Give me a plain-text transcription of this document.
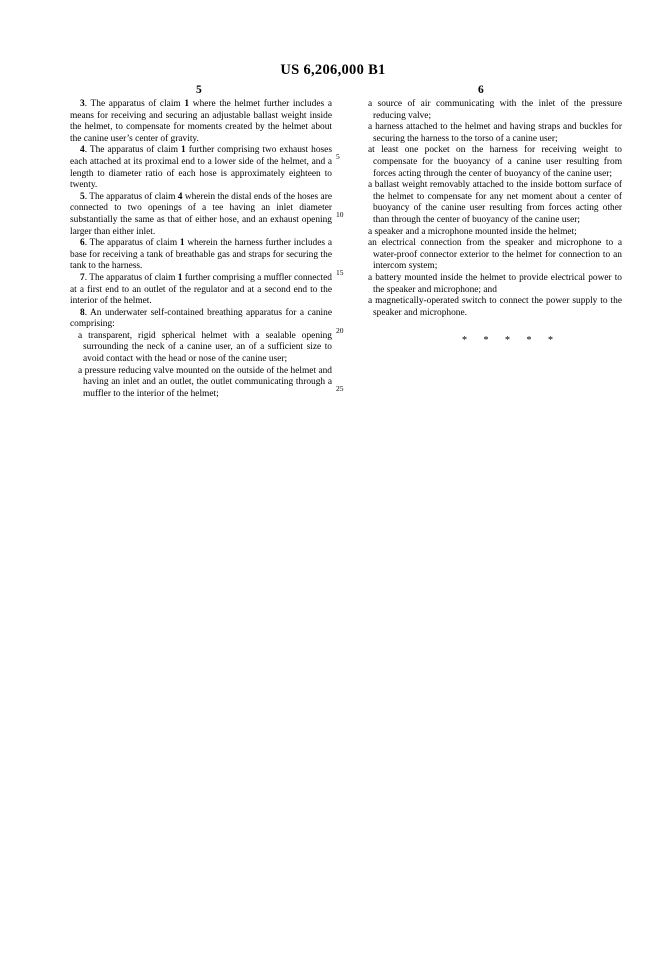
US 6,206,000 B1
5	6
5
10
15
20
25

3. The apparatus of claim 1 where the helmet further includes a means for receiving and securing an adjustable ballast weight inside the helmet, to compensate for moments created by the helmet about the canine user’s center of gravity.

4. The apparatus of claim 1 further comprising two exhaust hoses each attached at its proximal end to a lower side of the helmet, and a length to diameter ratio of each hose is approximately eighteen to twenty.

5. The apparatus of claim 4 wherein the distal ends of the hoses are connected to two openings of a tee having an inlet diameter substantially the same as that of either hose, and an exhaust opening larger than either inlet.

6. The apparatus of claim 1 wherein the harness further includes a base for receiving a tank of breathable gas and straps for securing the tank to the harness.

7. The apparatus of claim 1 further comprising a muffler connected at a first end to an outlet of the regulator and at a second end to the interior of the helmet.

8. An underwater self-contained breathing apparatus for a canine comprising:

a transparent, rigid spherical helmet with a sealable opening surrounding the neck of a canine user, an of a sufficient size to avoid contact with the head or nose of the canine user;

a pressure reducing valve mounted on the outside of the helmet and having an inlet and an outlet, the outlet communicating through a muffler to the interior of the helmet;

a source of air communicating with the inlet of the pressure reducing valve;

a harness attached to the helmet and having straps and buckles for securing the harness to the torso of a canine user;

at least one pocket on the harness for receiving weight to compensate for the buoyancy of a canine user resulting from forces acting through the center of buoyancy of the canine user;

a ballast weight removably attached to the inside bottom surface of the helmet to compensate for any net moment about a center of buoyancy of the canine user resulting from forces acting other than through the center of buoyancy of the canine user;

a speaker and a microphone mounted inside the helmet;

an electrical connection from the speaker and microphone to a water-proof connector exterior to the helmet for connection to an intercom system;

a battery mounted inside the helmet to provide electrical power to the speaker and microphone; and

a magnetically-operated switch to connect the power supply to the speaker and microphone.

* * * * *
